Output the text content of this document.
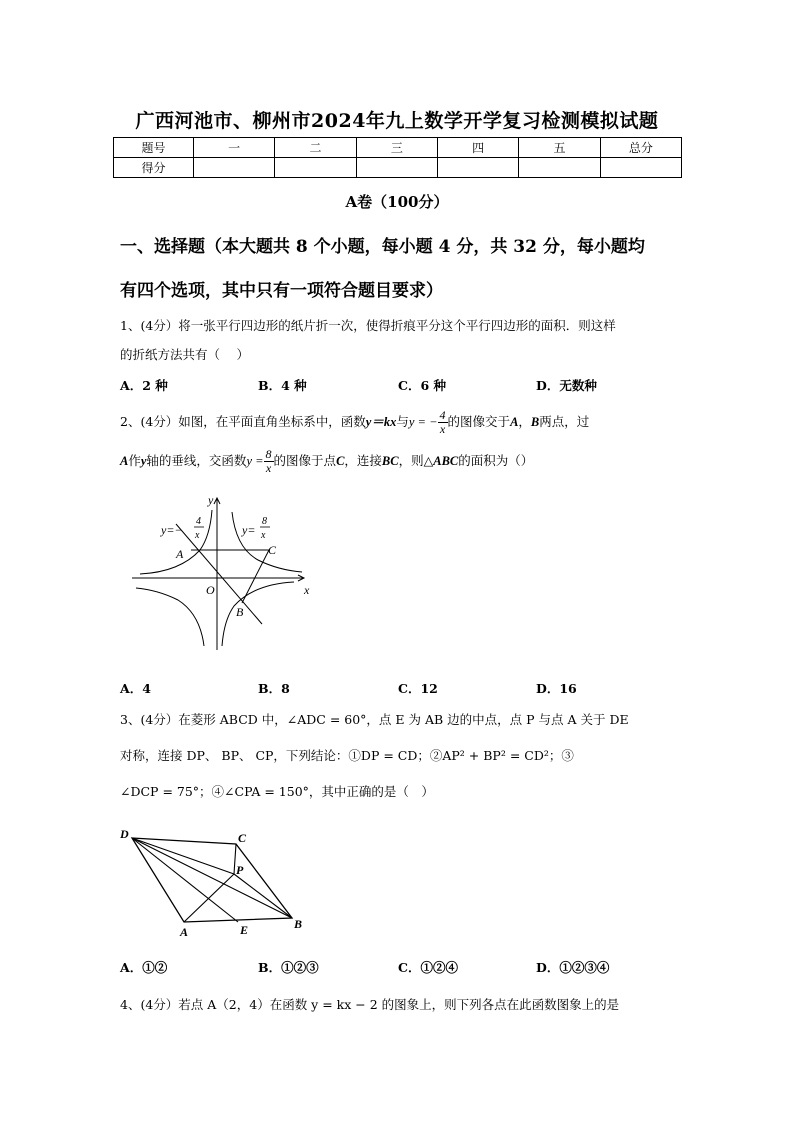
广西河池市、柳州市2024年九上数学开学复习检测模拟试题
题号	一	二	三	四	五	总分
得分						
A卷（100分）
一、选择题（本大题共 8 个小题，每小题 4 分，共 32 分，每小题均
有四个选项，其中只有一项符合题目要求）
1、(4分）将一张平行四边形的纸片折一次，使得折痕平分这个平行四边形的面积．则这样
的折纸方法共有（　 ）
A．2 种	B．4 种	C．6 种	D．无数种
2、(4分）如图，在平面直角坐标系中，函数y＝kx与y = − $\frac{4}{x}$ 的图像交于A，B两点，过
A作y轴的垂线，交函数$y = \frac{8}{x}$ 的图像于点C，连接BC，则△ABC的面积为（）
y
x
O
A
B
C
y=−
4
x	y=
8
x
A．4	B．8	C．12	D．16
3、(4分）在菱形 ABCD 中，∠ADC = 60°，点 E 为 AB 边的中点，点 P 与点 A 关于 DE
对称，连接 DP、 BP、 CP，下列结论：①DP = CD；②AP² + BP² = CD²；③
∠DCP = 75°；④∠CPA = 150°，其中正确的是（　）
D	C
P
B
A	E
A．①②	B．①②③	C．①②④	D．①②③④
4、(4分）若点 A（2，4）在函数 y = kx − 2 的图象上，则下列各点在此函数图象上的是
